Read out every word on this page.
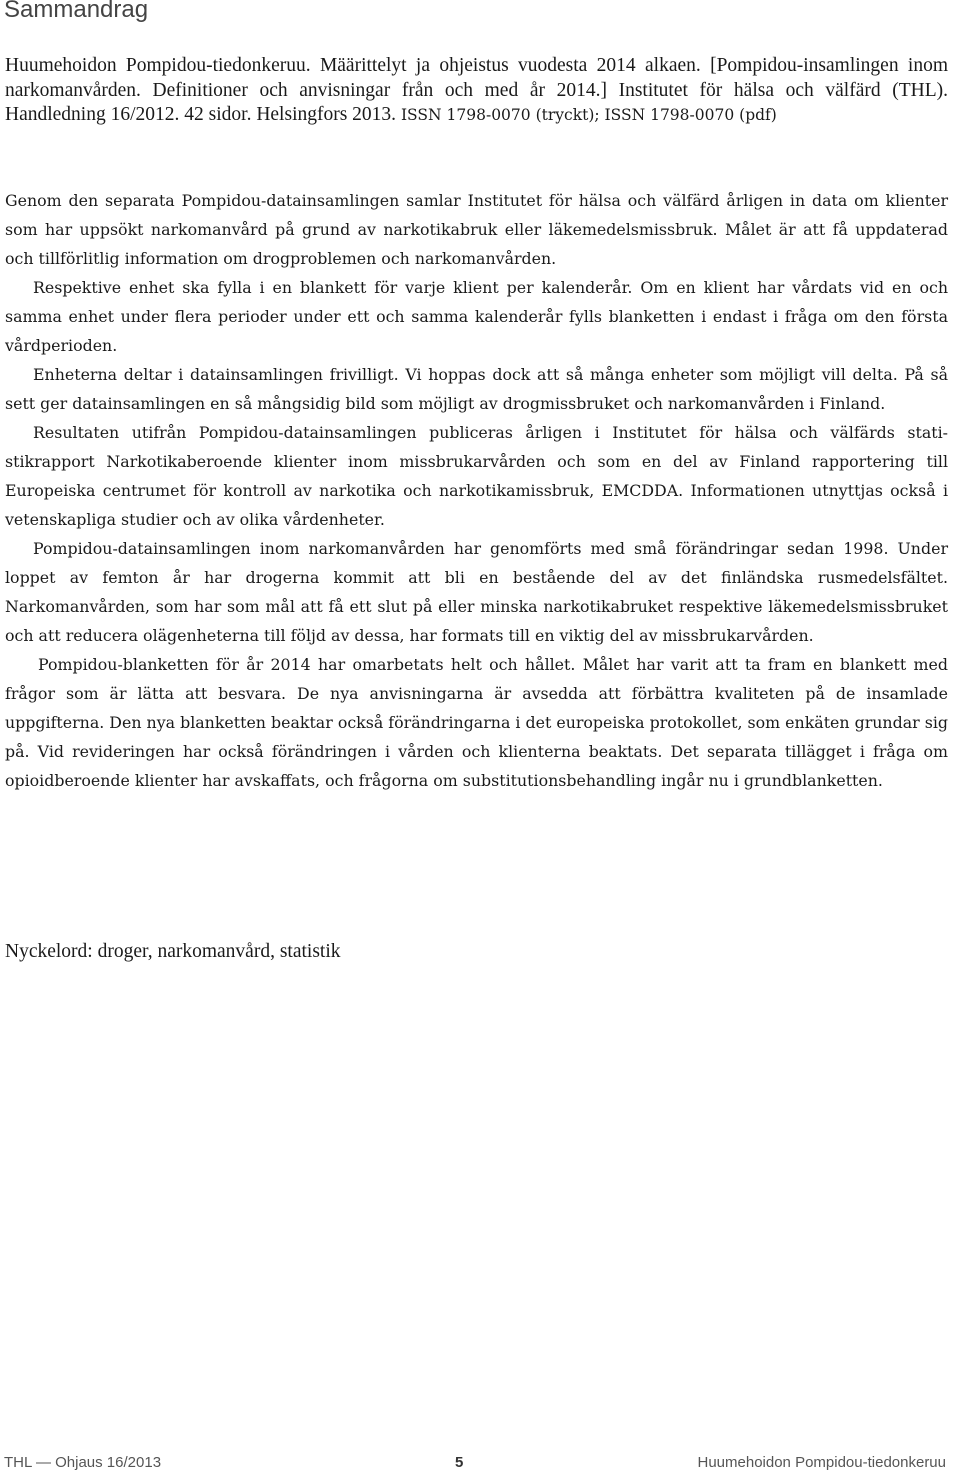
Sammandrag
Huumehoidon Pompidou-tiedonkeruu. Määrittelyt ja ohjeistus vuodesta 2014 alkaen. [Pompidou-insamlingen inom narkomanvården. Definitioner och anvisningar från och med år 2014.] Institutet för hälsa och välfärd (THL). Handledning 16/2012. 42 sidor. Helsingfors 2013. ISSN 1798-0070 (tryckt); ISSN 1798-0070 (pdf)

Genom den separata Pompidou-datainsamlingen samlar Institutet för hälsa och välfärd årligen in data om klienter som har uppsökt narkomanvård på grund av narkotikabruk eller läkemedelsmissbruk. Målet är att få uppdaterad och tillförlitlig information om drogproblemen och narkomanvården.

Respektive enhet ska fylla i en blankett för varje klient per kalenderår. Om en klient har vårdats vid en och samma enhet under flera perioder under ett och samma kalenderår fylls blanketten i endast i fråga om den första vårdperioden.

Enheterna deltar i datainsamlingen frivilligt. Vi hoppas dock att så många enheter som möjligt vill delta. På så sett ger datainsamlingen en så mångsidig bild som möjligt av drogmissbruket och narkomanvården i Finland.

Resultaten utifrån Pompidou-datainsamlingen publiceras årligen i Institutet för hälsa och välfärds statistikrapport Narkotikaberoende klienter inom missbrukarvården och som en del av Finland rapportering till Europeiska centrumet för kontroll av narkotika och narkotikamissbruk, EMCDDA. Informationen utnyttjas också i vetenskapliga studier och av olika vårdenheter.

Pompidou-datainsamlingen inom narkomanvården har genomförts med små förändringar sedan 1998. Under loppet av femton år har drogerna kommit att bli en bestående del av det finländska rusmedelsfältet. Narkomanvården, som har som mål att få ett slut på eller minska narkotikabruket respektive läkemedelsmissbruket och att reducera olägenheterna till följd av dessa, har formats till en viktig del av missbrukarvården.

Pompidou-blanketten för år 2014 har omarbetats helt och hållet. Målet har varit att ta fram en blankett med frågor som är lätta att besvara. De nya anvisningarna är avsedda att förbättra kvaliteten på de insamlade uppgifterna. Den nya blanketten beaktar också förändringarna i det europeiska protokollet, som enkäten grundar sig på. Vid revideringen har också förändringen i vården och klienterna beaktats. Det separata tillägget i fråga om opioidberoende klienter har avskaffats, och frågorna om substitutionsbehandling ingår nu i grundblanketten.

Nyckelord: droger, narkomanvård, statistik
THL — Ohjaus 16/2013	5	Huumehoidon Pompidou-tiedonkeruu
